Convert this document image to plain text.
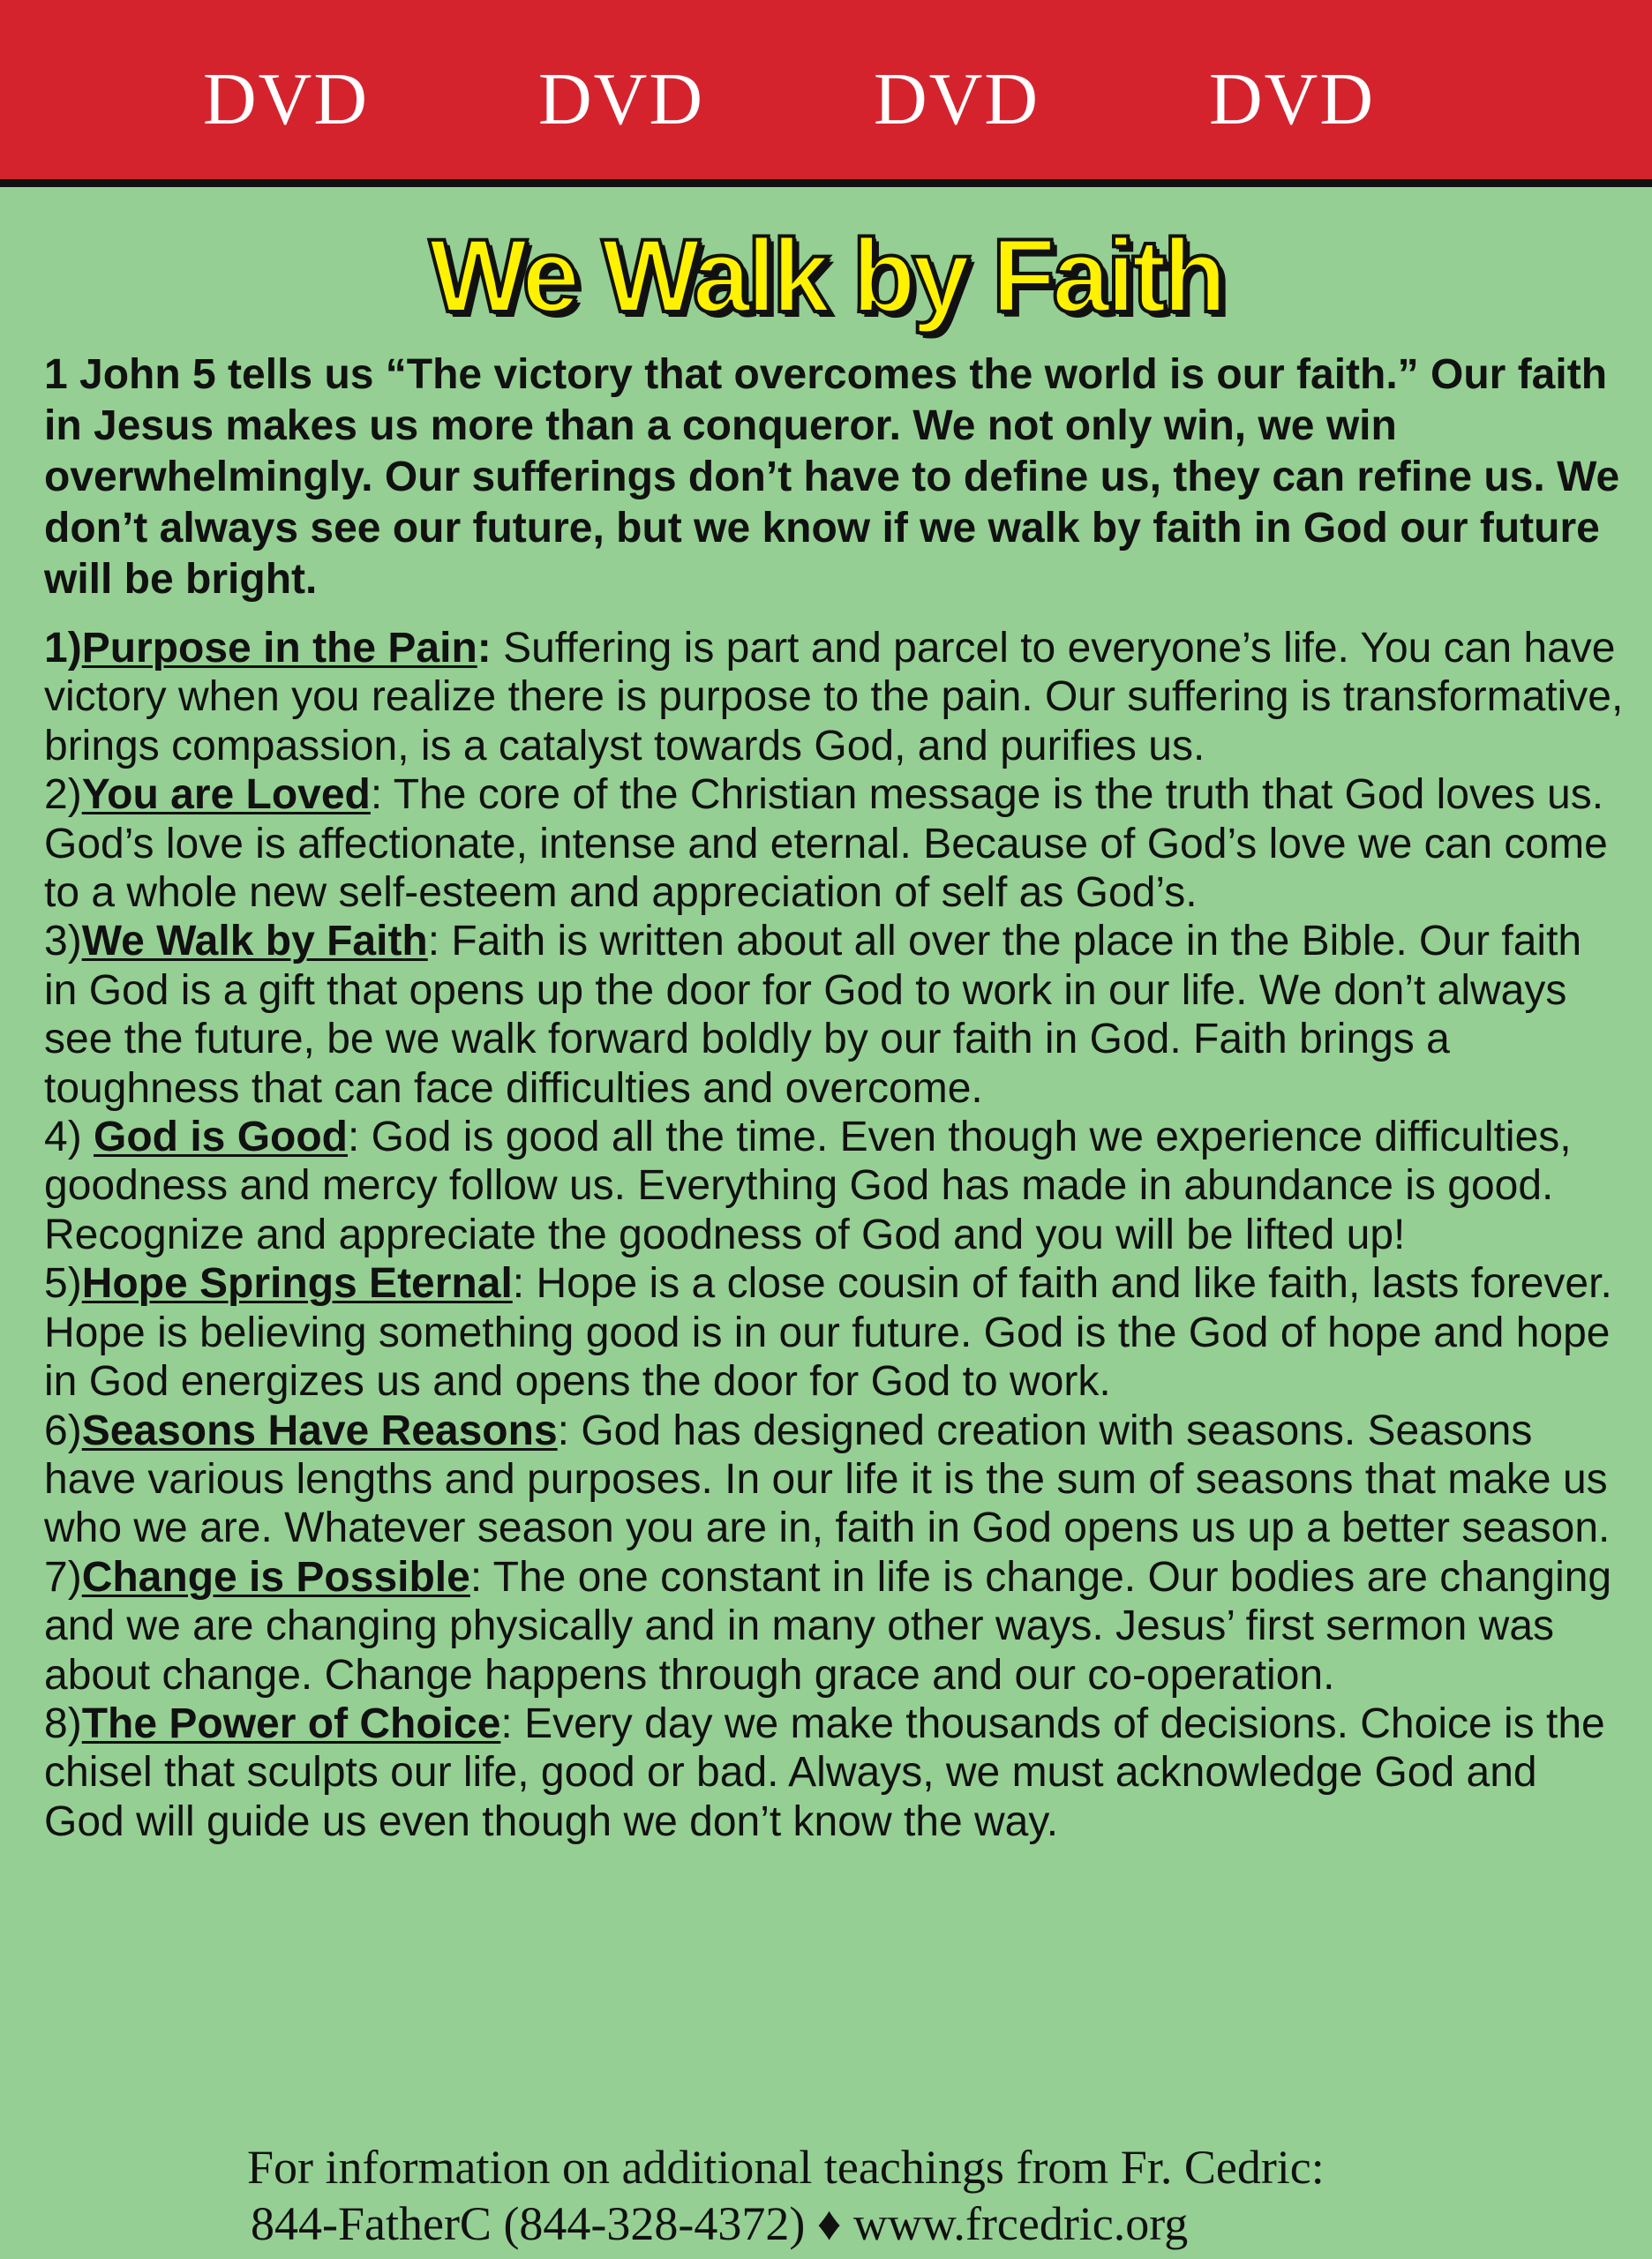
DVD DVD DVD DVD
We Walk by Faith

1 John 5 tells us “The victory that overcomes the world is our faith.” Our faith in Jesus makes us more than a conqueror. We not only win, we win overwhelmingly. Our sufferings don’t have to define us, they can refine us. We don’t always see our future, but we know if we walk by faith in God our future will be bright.

1)Purpose in the Pain: Suffering is part and parcel to everyone’s life. You can have victory when you realize there is purpose to the pain. Our suffering is transformative, brings compassion, is a catalyst towards God, and purifies us.

2)You are Loved: The core of the Christian message is the truth that God loves us. God’s love is affectionate, intense and eternal. Because of God’s love we can come to a whole new self-esteem and appreciation of self as God’s.

3)We Walk by Faith: Faith is written about all over the place in the Bible. Our faith in God is a gift that opens up the door for God to work in our life. We don’t always see the future, be we walk forward boldly by our faith in God. Faith brings a toughness that can face difficulties and overcome.

4) God is Good: God is good all the time. Even though we experience difficulties, goodness and mercy follow us. Everything God has made in abundance is good. Recognize and appreciate the goodness of God and you will be lifted up!

5)Hope Springs Eternal: Hope is a close cousin of faith and like faith, lasts forever. Hope is believing something good is in our future. God is the God of hope and hope in God energizes us and opens the door for God to work.

6)Seasons Have Reasons: God has designed creation with seasons. Seasons have various lengths and purposes. In our life it is the sum of seasons that make us who we are. Whatever season you are in, faith in God opens us up a better season.

7)Change is Possible: The one constant in life is change. Our bodies are changing and we are changing physically and in many other ways. Jesus’ first sermon was about change. Change happens through grace and our co-operation.

8)The Power of Choice: Every day we make thousands of decisions. Choice is the chisel that sculpts our life, good or bad. Always, we must acknowledge God and God will guide us even though we don’t know the way.

For information on additional teachings from Fr. Cedric:
844-FatherC (844-328-4372) ♦ www.frcedric.org
